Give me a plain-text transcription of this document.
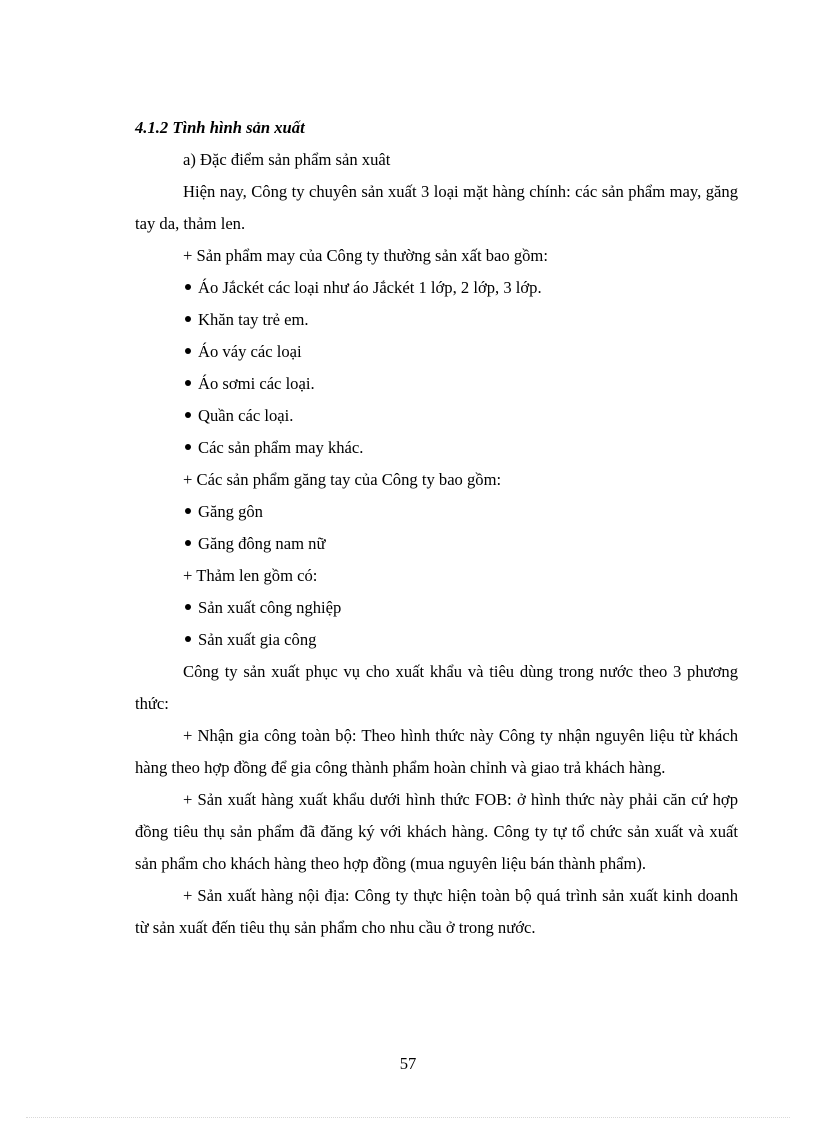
4.1.2 Tình hình sản xuất

a) Đặc điểm sản phẩm sản xuât

Hiện nay, Công ty chuyên sản xuất 3 loại mặt hàng chính: các sản phẩm may, găng tay da, thảm len.

+ Sản phẩm may của Công ty thường sản xất bao gồm:

Áo Jắckét các loại như áo Jắckét 1 lớp, 2 lớp, 3 lớp.

Khăn tay trẻ em.

Áo váy các loại

Áo sơmi các loại.

Quần các loại.

Các sản phẩm may khác.

+ Các sản phẩm găng tay của Công ty bao gồm:

Găng gôn

Găng đông nam nữ

+ Thảm len gồm có:

Sản xuất công nghiệp

Sản xuất gia công

Công ty sản xuất phục vụ cho xuất khẩu và tiêu dùng trong nước theo 3 phương thức:

+ Nhận gia công toàn bộ: Theo hình thức này Công ty nhận nguyên liệu từ khách hàng theo hợp đồng để gia công thành phẩm hoàn chỉnh và giao trả khách hàng.

+ Sản xuất hàng xuất khẩu dưới hình thức FOB: ở hình thức này phải căn cứ hợp đồng tiêu thụ sản phẩm đã đăng ký với khách hàng. Công ty tự tổ chức sản xuất và xuất sản phẩm cho khách hàng theo hợp đồng (mua nguyên liệu bán thành phẩm).

+ Sản xuất hàng nội địa: Công ty thực hiện toàn bộ quá trình sản xuất kinh doanh từ sản xuất đến tiêu thụ sản phẩm cho nhu cầu ở trong nước.

57
